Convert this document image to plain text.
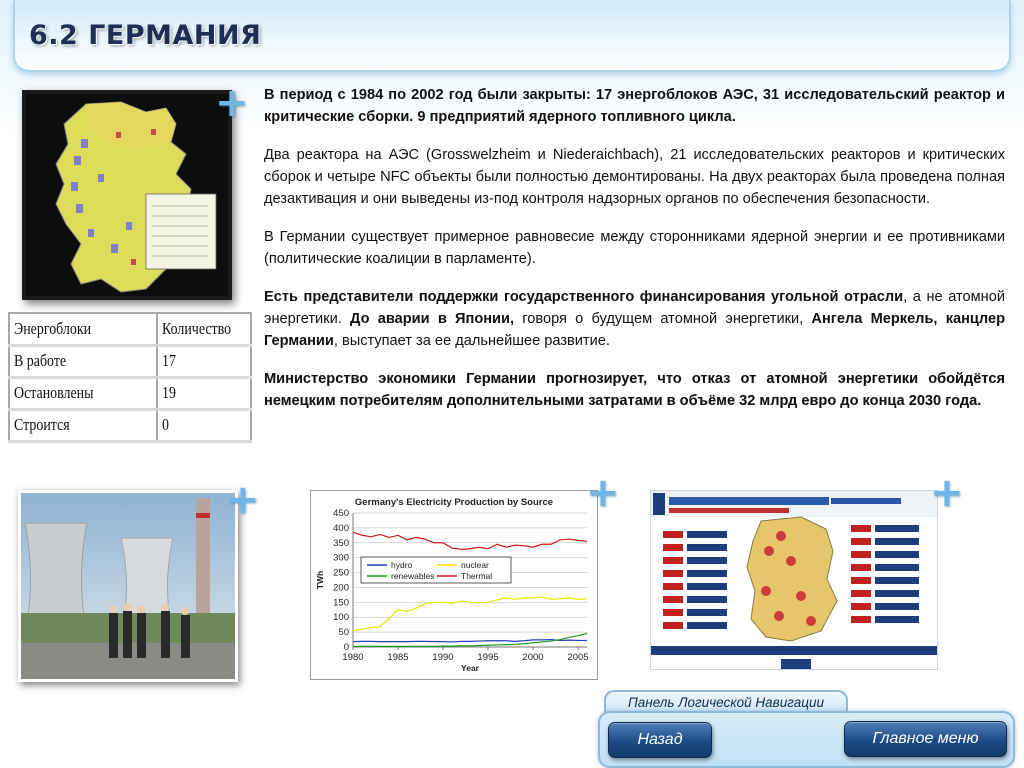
6.2 ГЕРМАНИЯ
+
Энергоблоки	Количество
В работе	17
Остановлены	19
Строится	0

В период с 1984 по 2002 год были закрыты: 17 энергоблоков АЭС, 31 исследовательский реактор и критические сборки. 9 предприятий ядерного топливного цикла.

Два реактора на АЭС (Grosswelzheim и Niederaichbach), 21 исследовательских реакторов и критических сборок и четыре NFC объекты были полностью демонтированы. На двух реакторах была проведена полная дезактивация и они выведены из-под контроля надзорных органов по обеспечения безопасности.

В Германии существует примерное равновесие между сторонниками ядерной энергии и ее противниками (политические коалиции в парламенте).

Есть представители поддержки государственного финансирования угольной отрасли, а не атомной энергетики. До аварии в Японии, говоря о будущем атомной энергетики, Ангела Меркель, канцлер Германии, выступает за ее дальнейшее развитие.

Министерство экономики Германии прогнозирует, что отказ от атомной энергетики обойдётся немецким потребителям дополнительными затратами в объёме 32 млрд евро до конца 2030 года.

+	Germany's Electricity Production by Source
0
50
100
150
200
250
300
350
400
450
1980	1985	1990	1995	2000	2005
Year
TWh
hydro	nuclear
renewables	Thermal
+	+
Панель Логической Навигации
Назад	Главное меню
